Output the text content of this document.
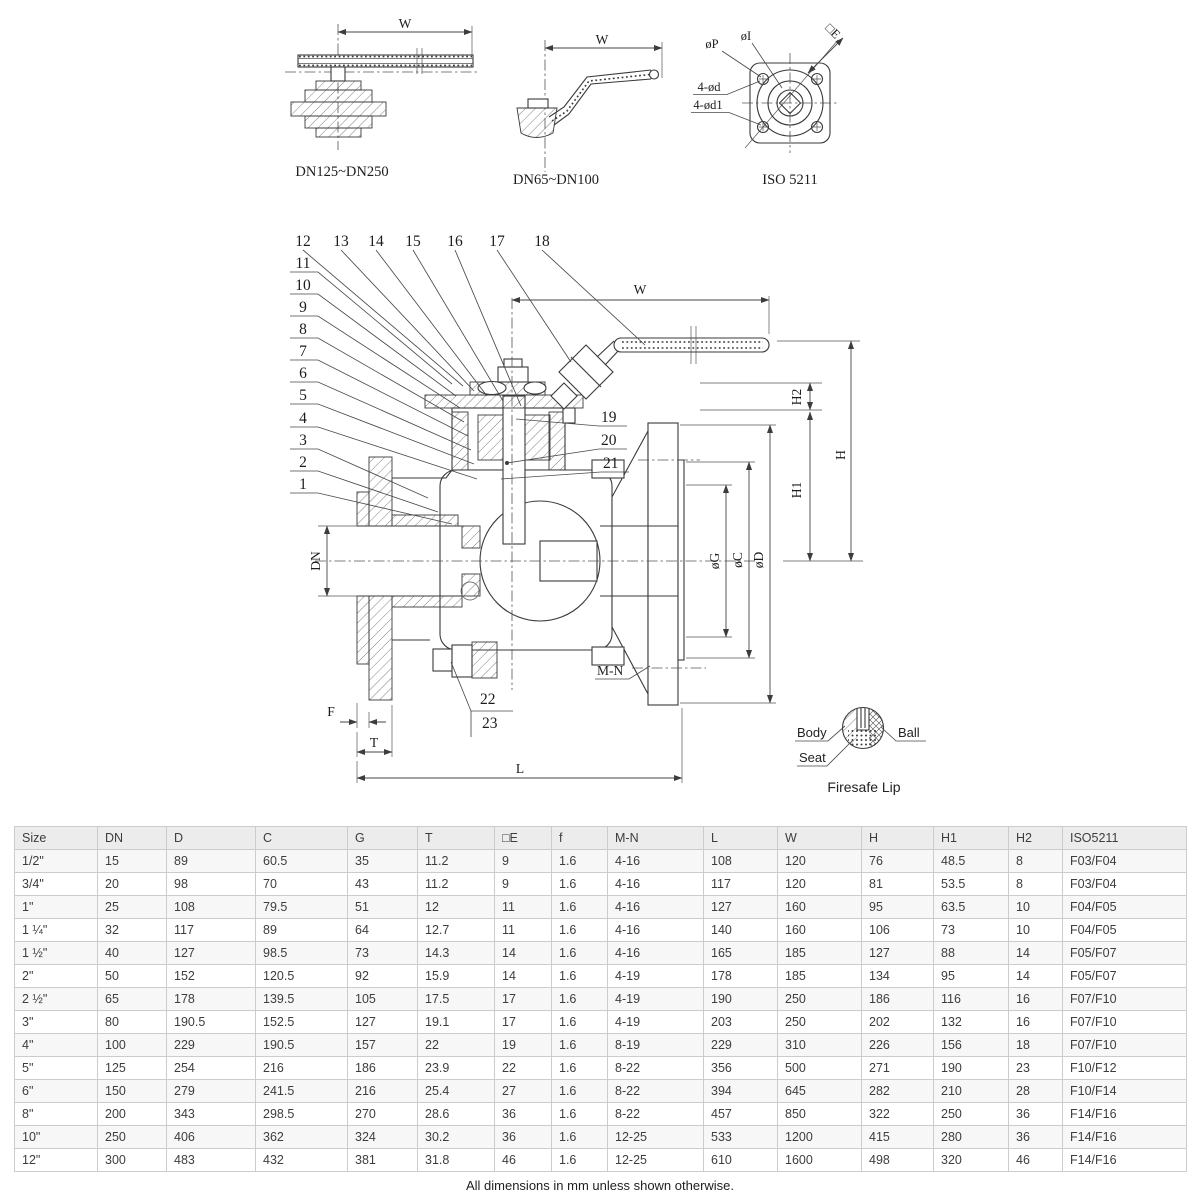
W
DN125~DN250
W
DN65~DN100
□E
øP
øI
4-ød
4-ød1
ISO 5211
W
H
H2
H1
DN	øG øC øD
F
T
L
M-N
12 13 14 15 16 17 18
11
10
9
8
7
6
5
4
3
2
1
19
20
21
22
23
Body
Seat
Ball
Firesafe Lip
Size	DN	D	C	G	T	□E	f	M-N	L	W	H	H1	H2	ISO5211
1/2"	15	89	60.5	35	11.2	9	1.6	4-16	108	120	76	48.5	8	F03/F04
3/4"	20	98	70	43	11.2	9	1.6	4-16	117	120	81	53.5	8	F03/F04
1"	25	108	79.5	51	12	11	1.6	4-16	127	160	95	63.5	10	F04/F05
1 ¼"	32	117	89	64	12.7	11	1.6	4-16	140	160	106	73	10	F04/F05
1 ½"	40	127	98.5	73	14.3	14	1.6	4-16	165	185	127	88	14	F05/F07
2"	50	152	120.5	92	15.9	14	1.6	4-19	178	185	134	95	14	F05/F07
2 ½"	65	178	139.5	105	17.5	17	1.6	4-19	190	250	186	116	16	F07/F10
3"	80	190.5	152.5	127	19.1	17	1.6	4-19	203	250	202	132	16	F07/F10
4"	100	229	190.5	157	22	19	1.6	8-19	229	310	226	156	18	F07/F10
5"	125	254	216	186	23.9	22	1.6	8-22	356	500	271	190	23	F10/F12
6"	150	279	241.5	216	25.4	27	1.6	8-22	394	645	282	210	28	F10/F14
8"	200	343	298.5	270	28.6	36	1.6	8-22	457	850	322	250	36	F14/F16
10"	250	406	362	324	30.2	36	1.6	12-25	533	1200	415	280	36	F14/F16
12"	300	483	432	381	31.8	46	1.6	12-25	610	1600	498	320	46	F14/F16
All dimensions in mm unless shown otherwise.
